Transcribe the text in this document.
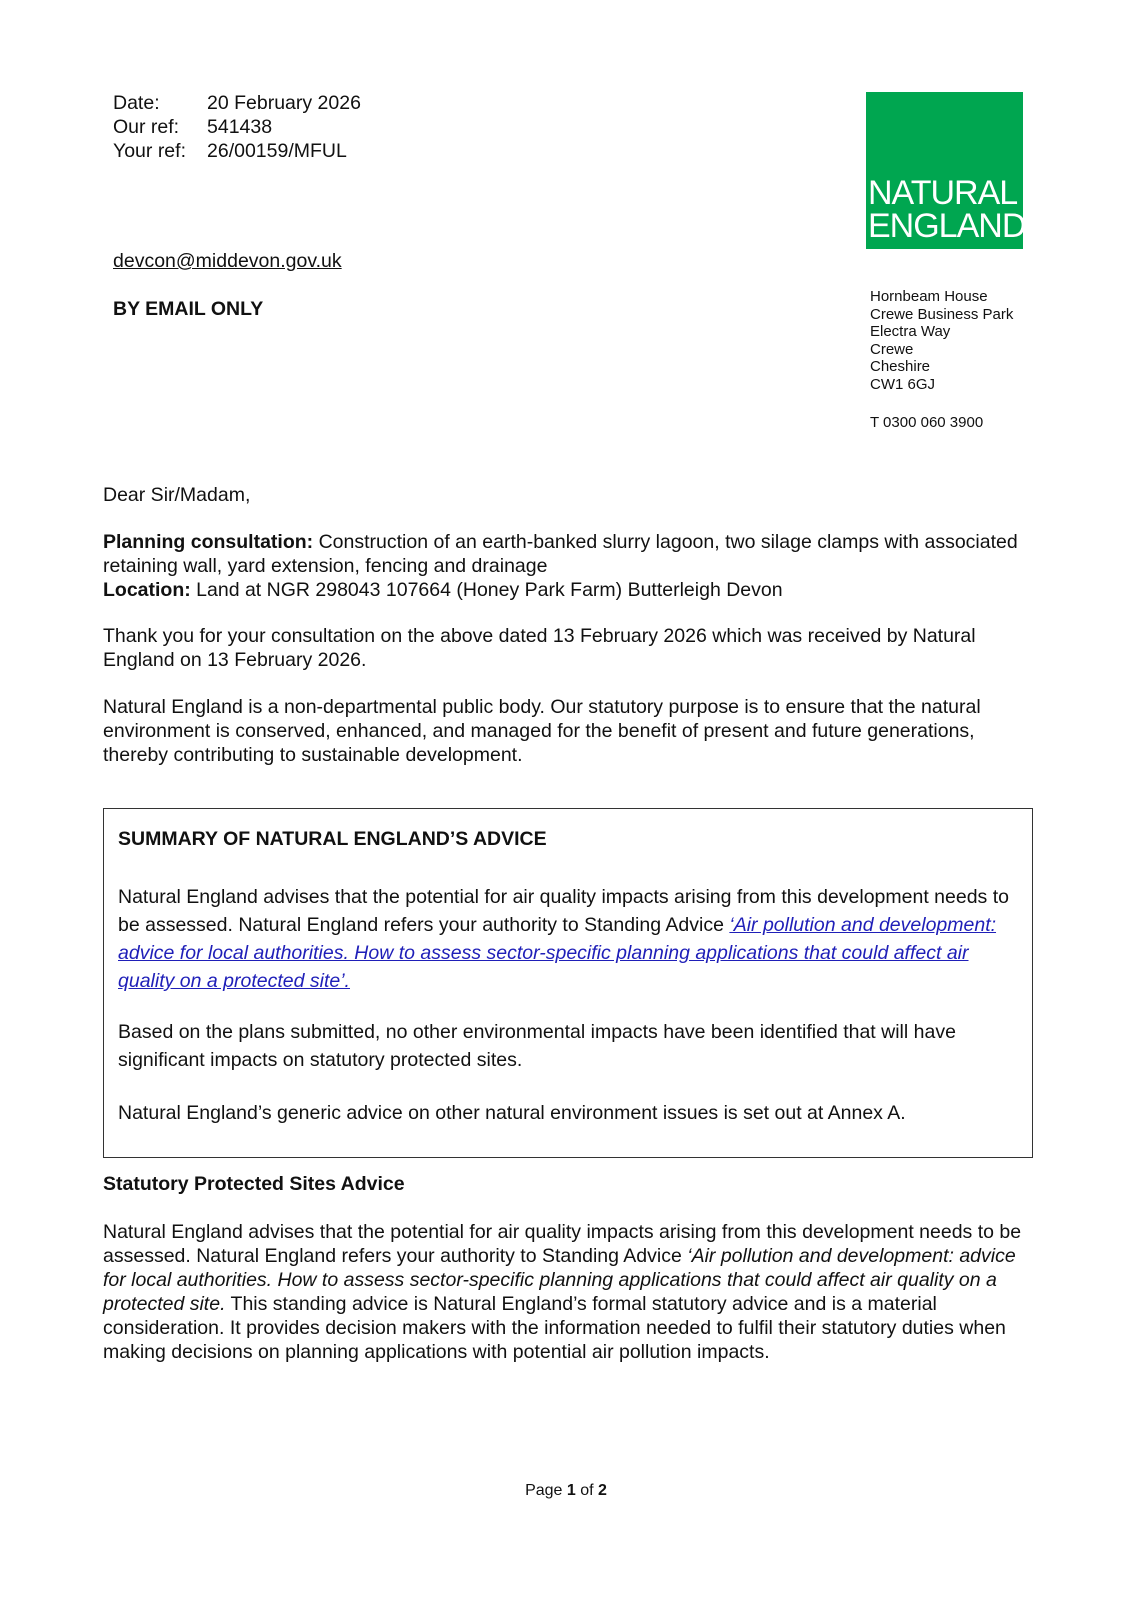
Date:	20 February 2026
Our ref:	541438
Your ref:	26/00159/MFUL
devcon@middevon.gov.uk
BY EMAIL ONLY
NATURAL
ENGLAND
Hornbeam House
Crewe Business Park
Electra Way
Crewe
Cheshire
CW1 6GJ
T 0300 060 3900

Dear Sir/Madam,

Planning consultation: Construction of an earth-banked slurry lagoon, two silage clamps with associated retaining wall, yard extension, fencing and drainage
Location: Land at NGR 298043 107664 (Honey Park Farm) Butterleigh Devon

Thank you for your consultation on the above dated 13 February 2026 which was received by Natural England on 13 February 2026.

Natural England is a non-departmental public body. Our statutory purpose is to ensure that the natural environment is conserved, enhanced, and managed for the benefit of present and future generations, thereby contributing to sustainable development.

SUMMARY OF NATURAL ENGLAND’S ADVICE

Natural England advises that the potential for air quality impacts arising from this development needs to be assessed. Natural England refers your authority to Standing Advice ‘Air pollution and development: advice for local authorities. How to assess sector-specific planning applications that could affect air quality on a protected site’.

Based on the plans submitted, no other environmental impacts have been identified that will have significant impacts on statutory protected sites.

Natural England’s generic advice on other natural environment issues is set out at Annex A.

Statutory Protected Sites Advice

Natural England advises that the potential for air quality impacts arising from this development needs to be assessed. Natural England refers your authority to Standing Advice ‘Air pollution and development: advice for local authorities. How to assess sector-specific planning applications that could affect air quality on a protected site. This standing advice is Natural England’s formal statutory advice and is a material consideration. It provides decision makers with the information needed to fulfil their statutory duties when making decisions on planning applications with potential air pollution impacts.

Page 1 of 2
